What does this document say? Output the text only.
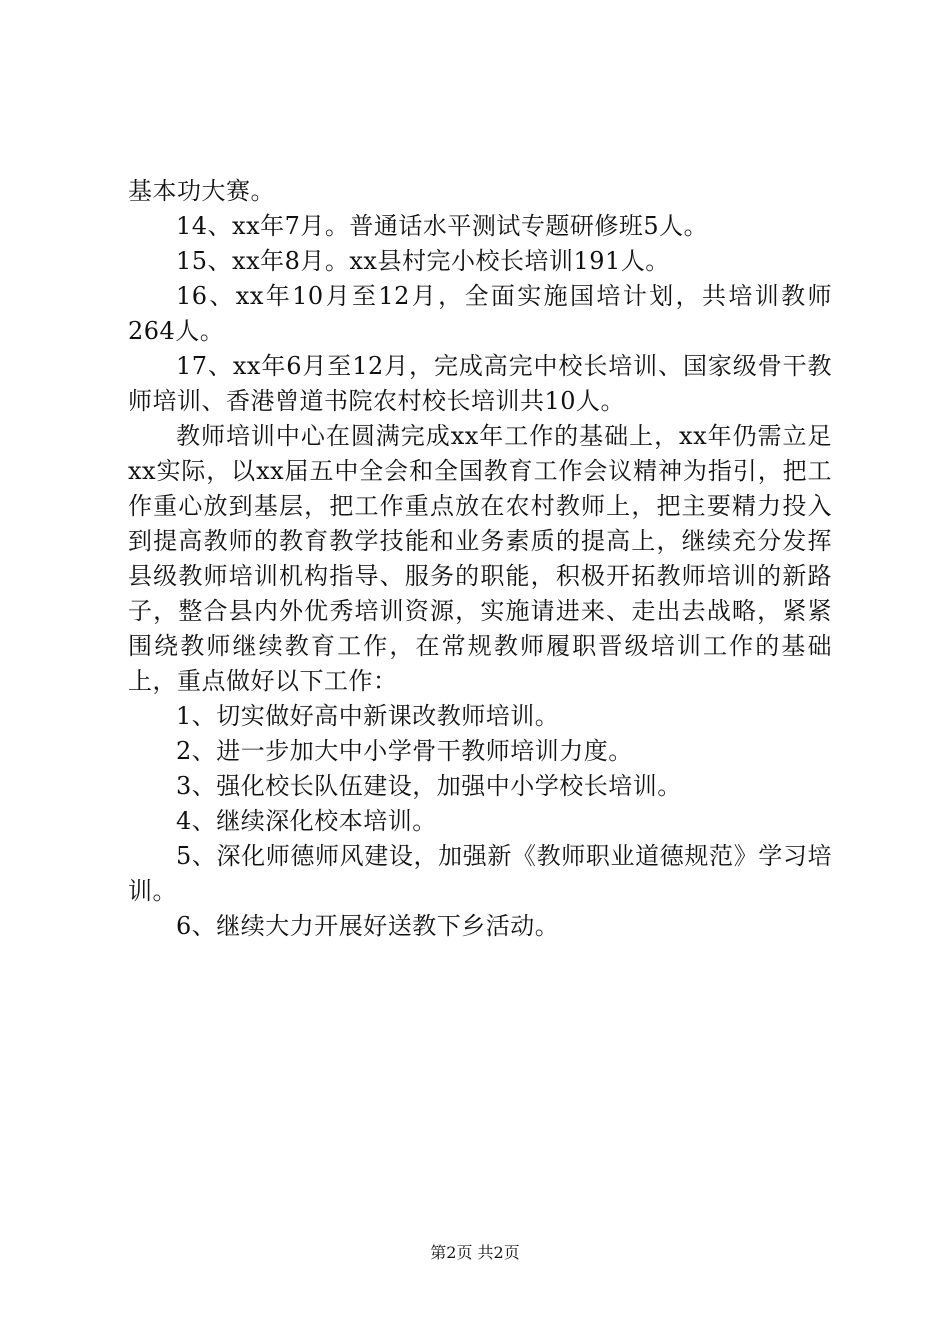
基本功大赛。

14、xx年7月。普通话水平测试专题研修班5人。

15、xx年8月。xx县村完小校长培训191人。

16、xx年10月至12月，全面实施国培计划，共培训教师264人。

17、xx年6月至12月，完成高完中校长培训、国家级骨干教师培训、香港曾道书院农村校长培训共10人。

教师培训中心在圆满完成xx年工作的基础上，xx年仍需立足xx实际，以xx届五中全会和全国教育工作会议精神为指引，把工作重心放到基层，把工作重点放在农村教师上，把主要精力投入到提高教师的教育教学技能和业务素质的提高上，继续充分发挥县级教师培训机构指导、服务的职能，积极开拓教师培训的新路子，整合县内外优秀培训资源，实施请进来、走出去战略，紧紧围绕教师继续教育工作，在常规教师履职晋级培训工作的基础上，重点做好以下工作：

1、切实做好高中新课改教师培训。

2、进一步加大中小学骨干教师培训力度。

3、强化校长队伍建设，加强中小学校长培训。

4、继续深化校本培训。

5、深化师德师风建设，加强新《教师职业道德规范》学习培训。

6、继续大力开展好送教下乡活动。

第2页 共2页
